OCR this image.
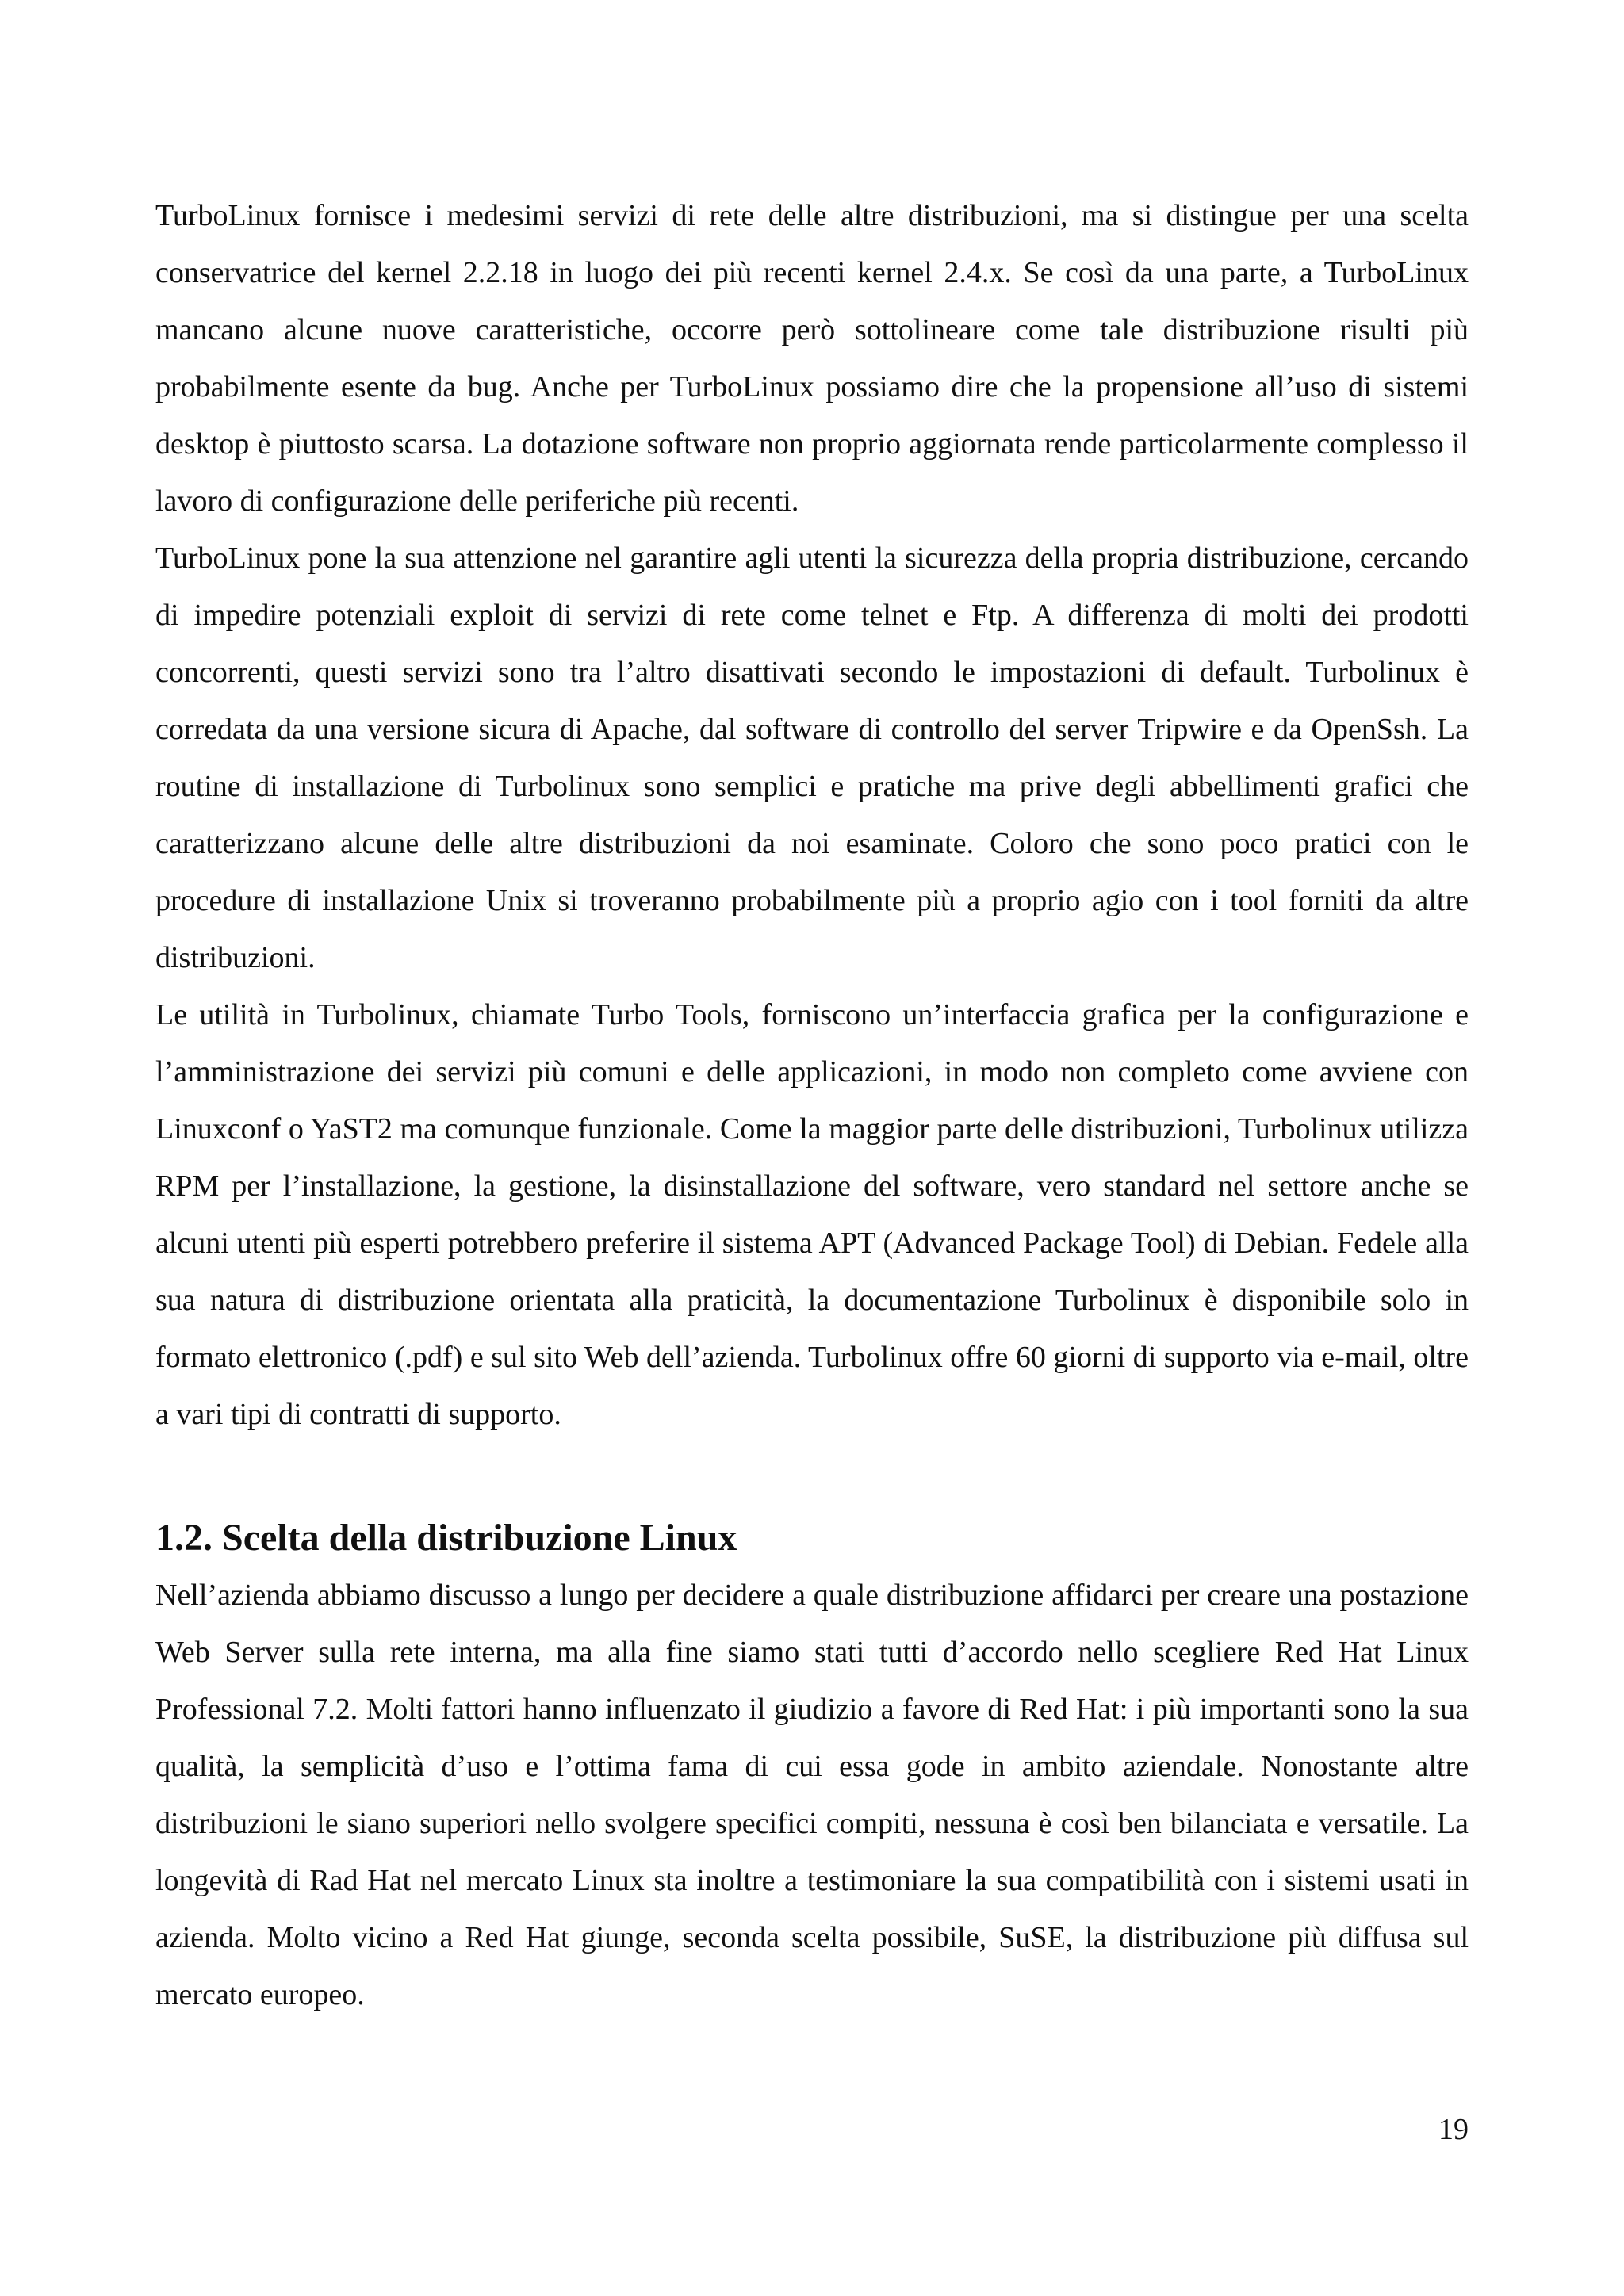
TurboLinux fornisce i medesimi servizi di rete delle altre distribuzioni, ma si distingue per una scelta conservatrice del kernel 2.2.18 in luogo dei più recenti kernel 2.4.x. Se così da una parte, a TurboLinux mancano alcune nuove caratteristiche, occorre però sottolineare come tale distribuzione risulti più probabilmente esente da bug. Anche per TurboLinux possiamo dire che la propensione all’uso di sistemi desktop è piuttosto scarsa. La dotazione software non proprio aggiornata rende particolarmente complesso il lavoro di configurazione delle periferiche più recenti.

TurboLinux pone la sua attenzione nel garantire agli utenti la sicurezza della propria distribuzione, cercando di impedire potenziali exploit di servizi di rete come telnet e Ftp. A differenza di molti dei prodotti concorrenti, questi servizi sono tra l’altro disattivati secondo le impostazioni di default. Turbolinux è corredata da una versione sicura di Apache, dal software di controllo del server Tripwire e da OpenSsh. La routine di installazione di Turbolinux sono semplici e pratiche ma prive degli abbellimenti grafici che caratterizzano alcune delle altre distribuzioni da noi esaminate. Coloro che sono poco pratici con le procedure di installazione Unix si troveranno probabilmente più a proprio agio con i tool forniti da altre distribuzioni.

Le utilità in Turbolinux, chiamate Turbo Tools, forniscono un’interfaccia grafica per la configurazione e l’amministrazione dei servizi più comuni e delle applicazioni, in modo non completo come avviene con Linuxconf o YaST2 ma comunque funzionale. Come la maggior parte delle distribuzioni, Turbolinux utilizza RPM per l’installazione, la gestione, la disinstallazione del software, vero standard nel settore anche se alcuni utenti più esperti potrebbero preferire il sistema APT (Advanced Package Tool) di Debian. Fedele alla sua natura di distribuzione orientata alla praticità, la documentazione Turbolinux è disponibile solo in formato elettronico (.pdf) e sul sito Web dell’azienda. Turbolinux offre 60 giorni di supporto via e-mail, oltre a vari tipi di contratti di supporto.

1.2. Scelta della distribuzione Linux

Nell’azienda abbiamo discusso a lungo per decidere a quale distribuzione affidarci per creare una postazione Web Server sulla rete interna, ma alla fine siamo stati tutti d’accordo nello scegliere Red Hat Linux Professional 7.2. Molti fattori hanno influenzato il giudizio a favore di Red Hat: i più importanti sono la sua qualità, la semplicità d’uso e l’ottima fama di cui essa gode in ambito aziendale. Nonostante altre distribuzioni le siano superiori nello svolgere specifici compiti, nessuna è così ben bilanciata e versatile. La longevità di Rad Hat nel mercato Linux sta inoltre a testimoniare la sua compatibilità con i sistemi usati in azienda. Molto vicino a Red Hat giunge, seconda scelta possibile, SuSE, la distribuzione più diffusa sul mercato europeo.

19
